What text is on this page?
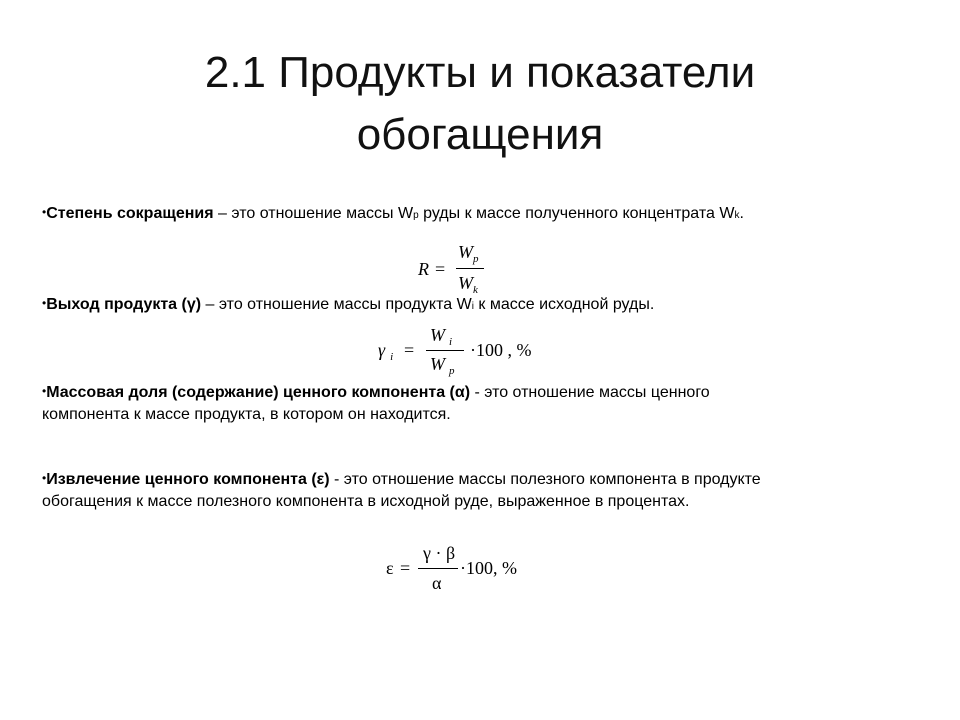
2.1 Продукты и показатели
обогащения
•Степень сокращения – это отношение массы Wp руды к массе полученного концентрата Wk.
R =
$W_p$
$W_k$
•Выход продукта (γ) – это отношение массы продукта Wi к массе исходной руды.
γ $_i$ =
W $_i$
W $_p$
·100 , %
•Массовая доля (содержание) ценного компонента (α) - это отношение массы ценного
компонента к массе продукта, в котором он находится.
•Извлечение ценного компонента (ε) - это отношение массы полезного компонента в продукте
обогащения к массе полезного компонента в исходной руде, выраженное в процентах.
ε =
γ · β
α
·100, %
